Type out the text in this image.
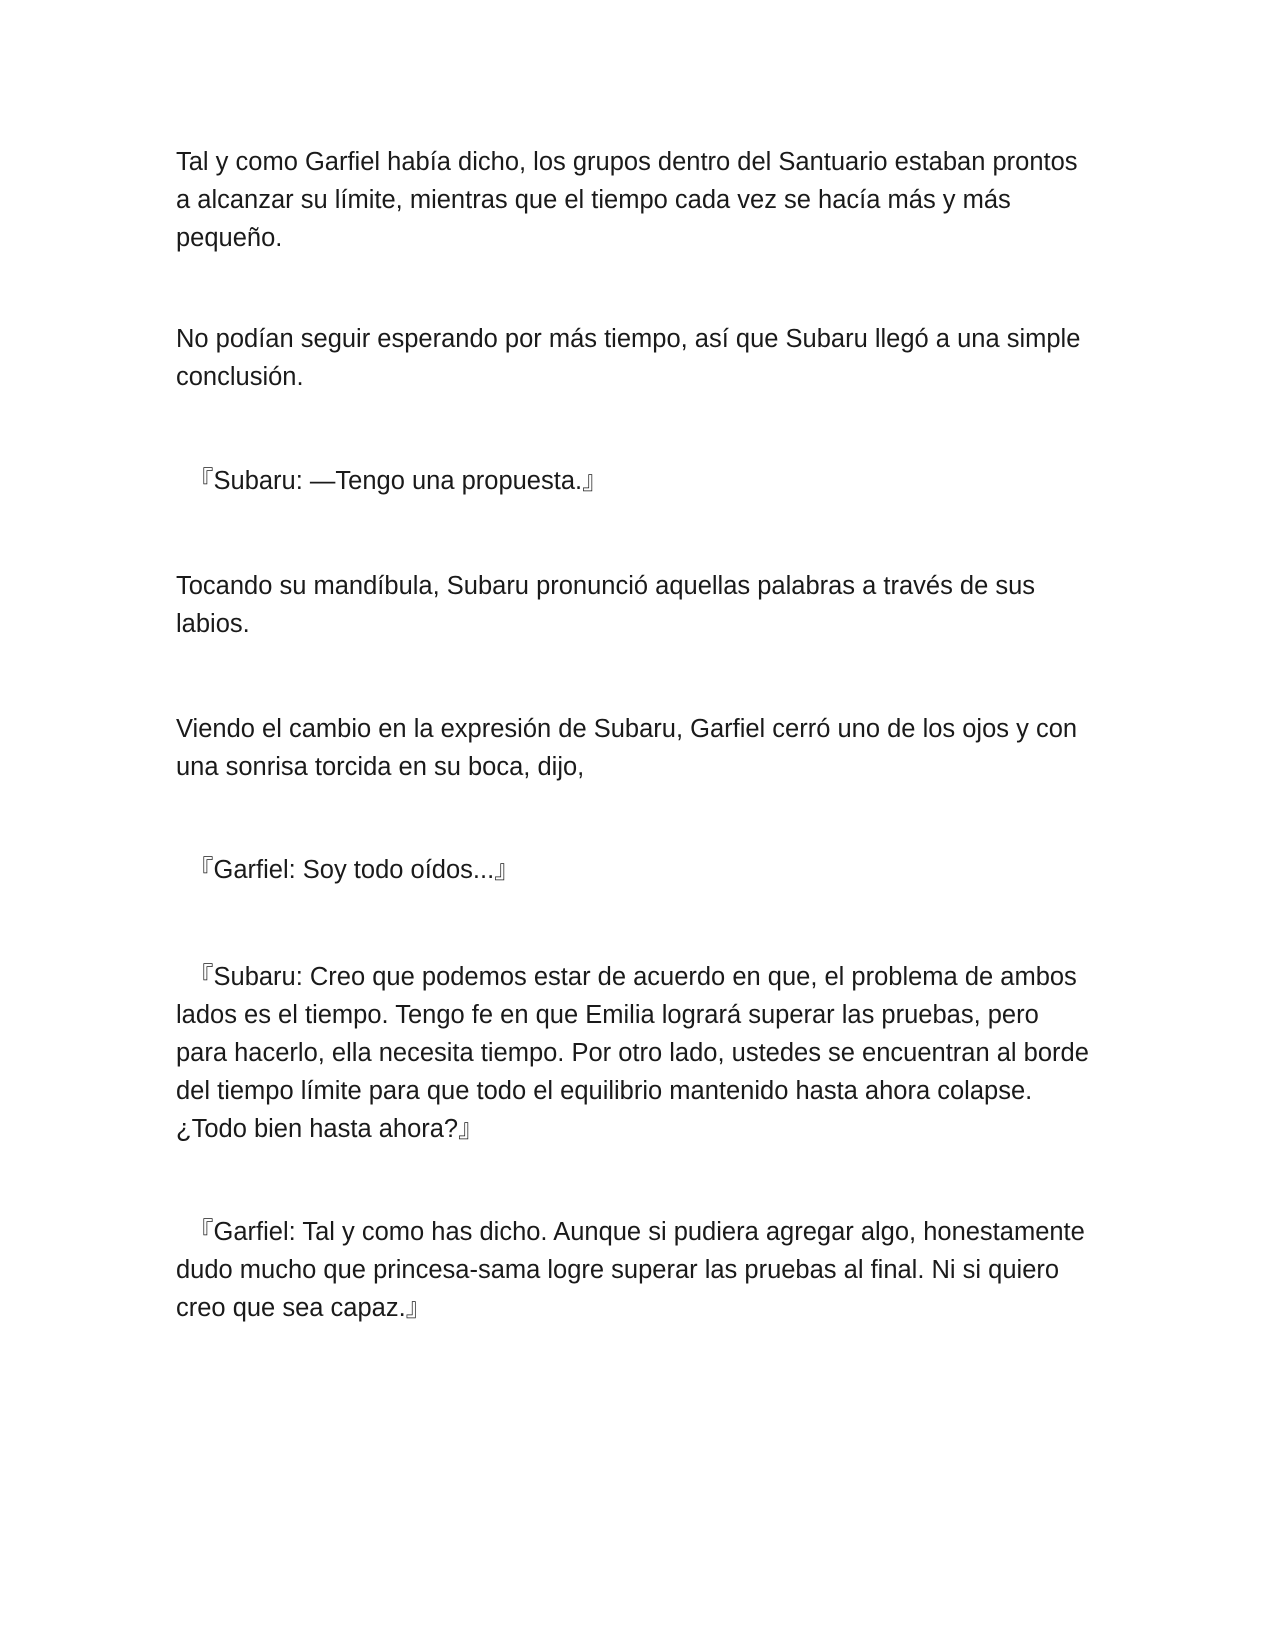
Tal y como Garfiel había dicho, los grupos dentro del Santuario estaban prontos a alcanzar su límite, mientras que el tiempo cada vez se hacía más y más pequeño.

No podían seguir esperando por más tiempo, así que Subaru llegó a una simple conclusión.

『Subaru: —Tengo una propuesta.』

Tocando su mandíbula, Subaru pronunció aquellas palabras a través de sus labios.

Viendo el cambio en la expresión de Subaru, Garfiel cerró uno de los ojos y con una sonrisa torcida en su boca, dijo,

『Garfiel: Soy todo oídos...』

『Subaru: Creo que podemos estar de acuerdo en que, el problema de ambos lados es el tiempo. Tengo fe en que Emilia logrará superar las pruebas, pero para hacerlo, ella necesita tiempo. Por otro lado, ustedes se encuentran al borde del tiempo límite para que todo el equilibrio mantenido hasta ahora colapse. ¿Todo bien hasta ahora?』

『Garfiel: Tal y como has dicho. Aunque si pudiera agregar algo, honestamente dudo mucho que princesa-sama logre superar las pruebas al final. Ni si quiero creo que sea capaz.』
